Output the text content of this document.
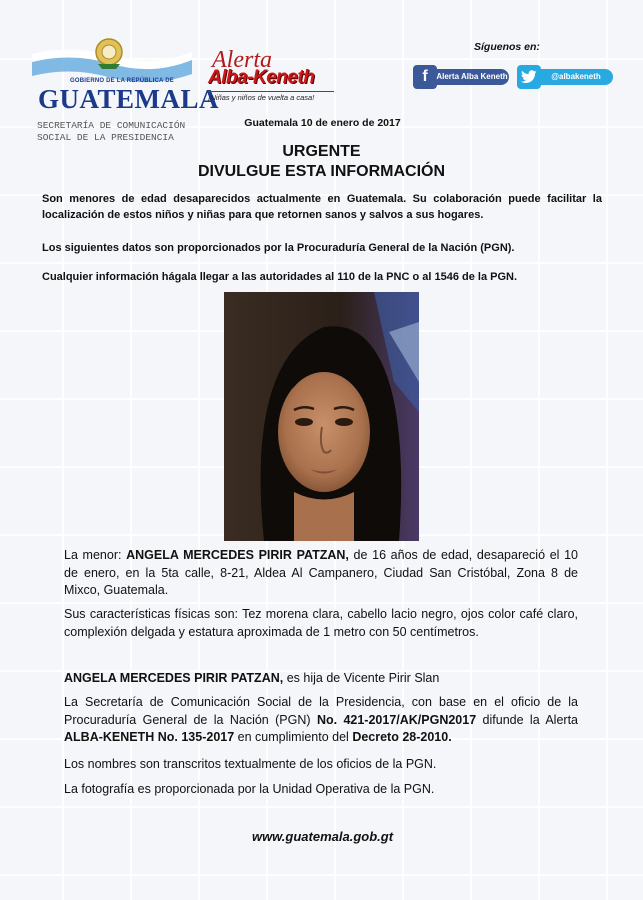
GOBIERNO DE LA REPÚBLICA DE
GUATEMALA
SECRETARÍA DE COMUNICACIÓN
SOCIAL DE LA PRESIDENCIA
Alerta
Alba-Keneth
¡Niñas y niños de vuelta a casa!
Síguenos en:
f	Alerta Alba Keneth	@albakeneth
Guatemala 10 de enero de 2017
URGENTE
DIVULGUE ESTA INFORMACIÓN

Son menores de edad desaparecidos actualmente en Guatemala. Su colaboración puede facilitar la localización de estos niños y niñas para que retornen sanos y salvos a sus hogares.

Los siguientes datos son proporcionados por la Procuraduría General de la Nación (PGN).

Cualquier información hágala llegar a las autoridades al 110 de la PNC o al 1546 de la PGN.

La menor: ANGELA MERCEDES PIRIR PATZAN, de 16 años de edad, desapareció el 10 de enero, en la 5ta calle, 8-21, Aldea Al Campanero, Ciudad San Cristóbal, Zona 8 de Mixco, Guatemala.

Sus características físicas son: Tez morena clara, cabello lacio negro, ojos color café claro, complexión delgada y estatura aproximada de 1 metro con 50 centímetros.

ANGELA MERCEDES PIRIR PATZAN, es hija de Vicente Pirir Slan

La Secretaría de Comunicación Social de la Presidencia, con base en el oficio de la Procuraduría General de la Nación (PGN) No. 421-2017/AK/PGN2017 difunde la Alerta ALBA-KENETH No. 135-2017 en cumplimiento del Decreto 28-2010.

Los nombres son transcritos textualmente de los oficios de la PGN.

La fotografía es proporcionada por la Unidad Operativa de la PGN.

www.guatemala.gob.gt
